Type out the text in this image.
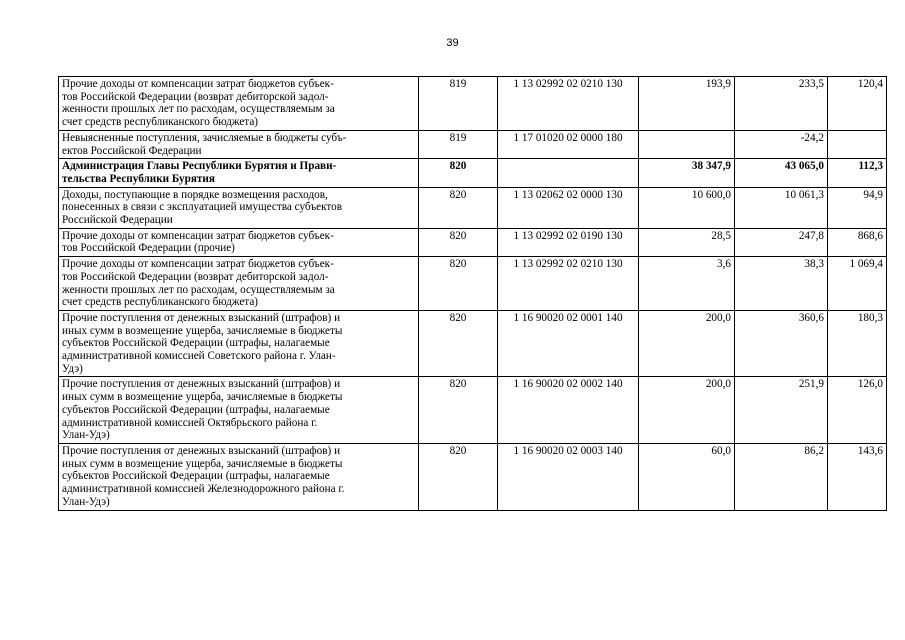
39
Прочие доходы от компенсации затрат бюджетов субъек-
тов Российской Федерации (возврат дебиторской задол-
женности прошлых лет по расходам, осуществляемым за
счет средств республиканского бюджета)	819	1 13 02992 02 0210 130	193,9	233,5	120,4
Невыясненные поступления, зачисляемые в бюджеты субъ-
ектов Российской Федерации	819	1 17 01020 02 0000 180		-24,2	
Администрация Главы Республики Бурятия и Прави-
тельства Республики Бурятия	820		38 347,9	43 065,0	112,3
Доходы, поступающие в порядке возмещения расходов,
понесенных в связи с эксплуатацией имущества субъектов
Российской Федерации	820	1 13 02062 02 0000 130	10 600,0	10 061,3	94,9
Прочие доходы от компенсации затрат бюджетов субъек-
тов Российской Федерации (прочие)	820	1 13 02992 02 0190 130	28,5	247,8	868,6
Прочие доходы от компенсации затрат бюджетов субъек-
тов Российской Федерации (возврат дебиторской задол-
женности прошлых лет по расходам, осуществляемым за
счет средств республиканского бюджета)	820	1 13 02992 02 0210 130	3,6	38,3	1 069,4
Прочие поступления от денежных взысканий (штрафов) и
иных сумм в возмещение ущерба, зачисляемые в бюджеты
субъектов Российской Федерации (штрафы, налагаемые
административной комиссией Советского района г. Улан-
Удэ)	820	1 16 90020 02 0001 140	200,0	360,6	180,3
Прочие поступления от денежных взысканий (штрафов) и
иных сумм в возмещение ущерба, зачисляемые в бюджеты
субъектов Российской Федерации (штрафы, налагаемые
административной комиссией Октябрьского района г.
Улан-Удэ)	820	1 16 90020 02 0002 140	200,0	251,9	126,0
Прочие поступления от денежных взысканий (штрафов) и
иных сумм в возмещение ущерба, зачисляемые в бюджеты
субъектов Российской Федерации (штрафы, налагаемые
административной комиссией Железнодорожного района г.
Улан-Удэ)	820	1 16 90020 02 0003 140	60,0	86,2	143,6
